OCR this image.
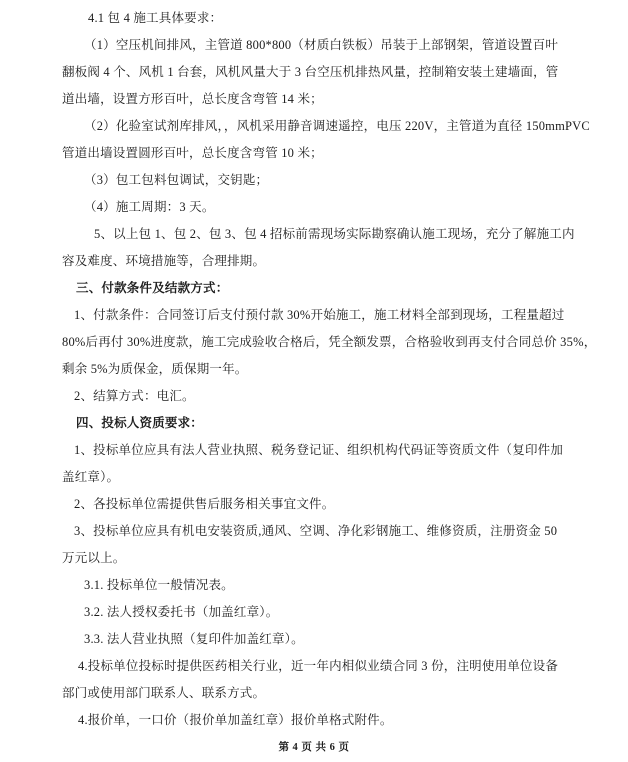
4.1 包 4 施工具体要求：
（1）空压机间排风，主管道 800*800（材质白铁板）吊装于上部钢架，管道设置百叶
翻板阀 4 个、风机 1 台套，风机风量大于 3 台空压机排热风量，控制箱安装土建墙面，管
道出墙，设置方形百叶，总长度含弯管 14 米；
（2）化验室试剂库排风，，风机采用静音调速遥控，电压 220V，主管道为直径 150mmPVC
管道出墙设置圆形百叶，总长度含弯管 10 米；
（3）包工包料包调试，交钥匙；
（4）施工周期：3 天。
5、以上包 1、包 2、包 3、包 4 招标前需现场实际勘察确认施工现场，充分了解施工内
容及难度、环境措施等，合理排期。
三、付款条件及结款方式：
1、付款条件：合同签订后支付预付款 30%开始施工，施工材料全部到现场，工程量超过
80%后再付 30%进度款，施工完成验收合格后，凭全额发票，合格验收到再支付合同总价 35%，
剩余 5%为质保金，质保期一年。
2、结算方式：电汇。
四、投标人资质要求：
1、投标单位应具有法人营业执照、税务登记证、组织机构代码证等资质文件（复印件加
盖红章）。
2、各投标单位需提供售后服务相关事宜文件。
3、投标单位应具有机电安装资质,通风、空调、净化彩钢施工、维修资质，注册资金 50
万元以上。
3.1. 投标单位一般情况表。
3.2. 法人授权委托书（加盖红章）。
3.3. 法人营业执照（复印件加盖红章）。
4.投标单位投标时提供医药相关行业，近一年内相似业绩合同 3 份，注明使用单位设备
部门或使用部门联系人、联系方式。
4.报价单，一口价（报价单加盖红章）报价单格式附件。
第 4 页 共 6 页
